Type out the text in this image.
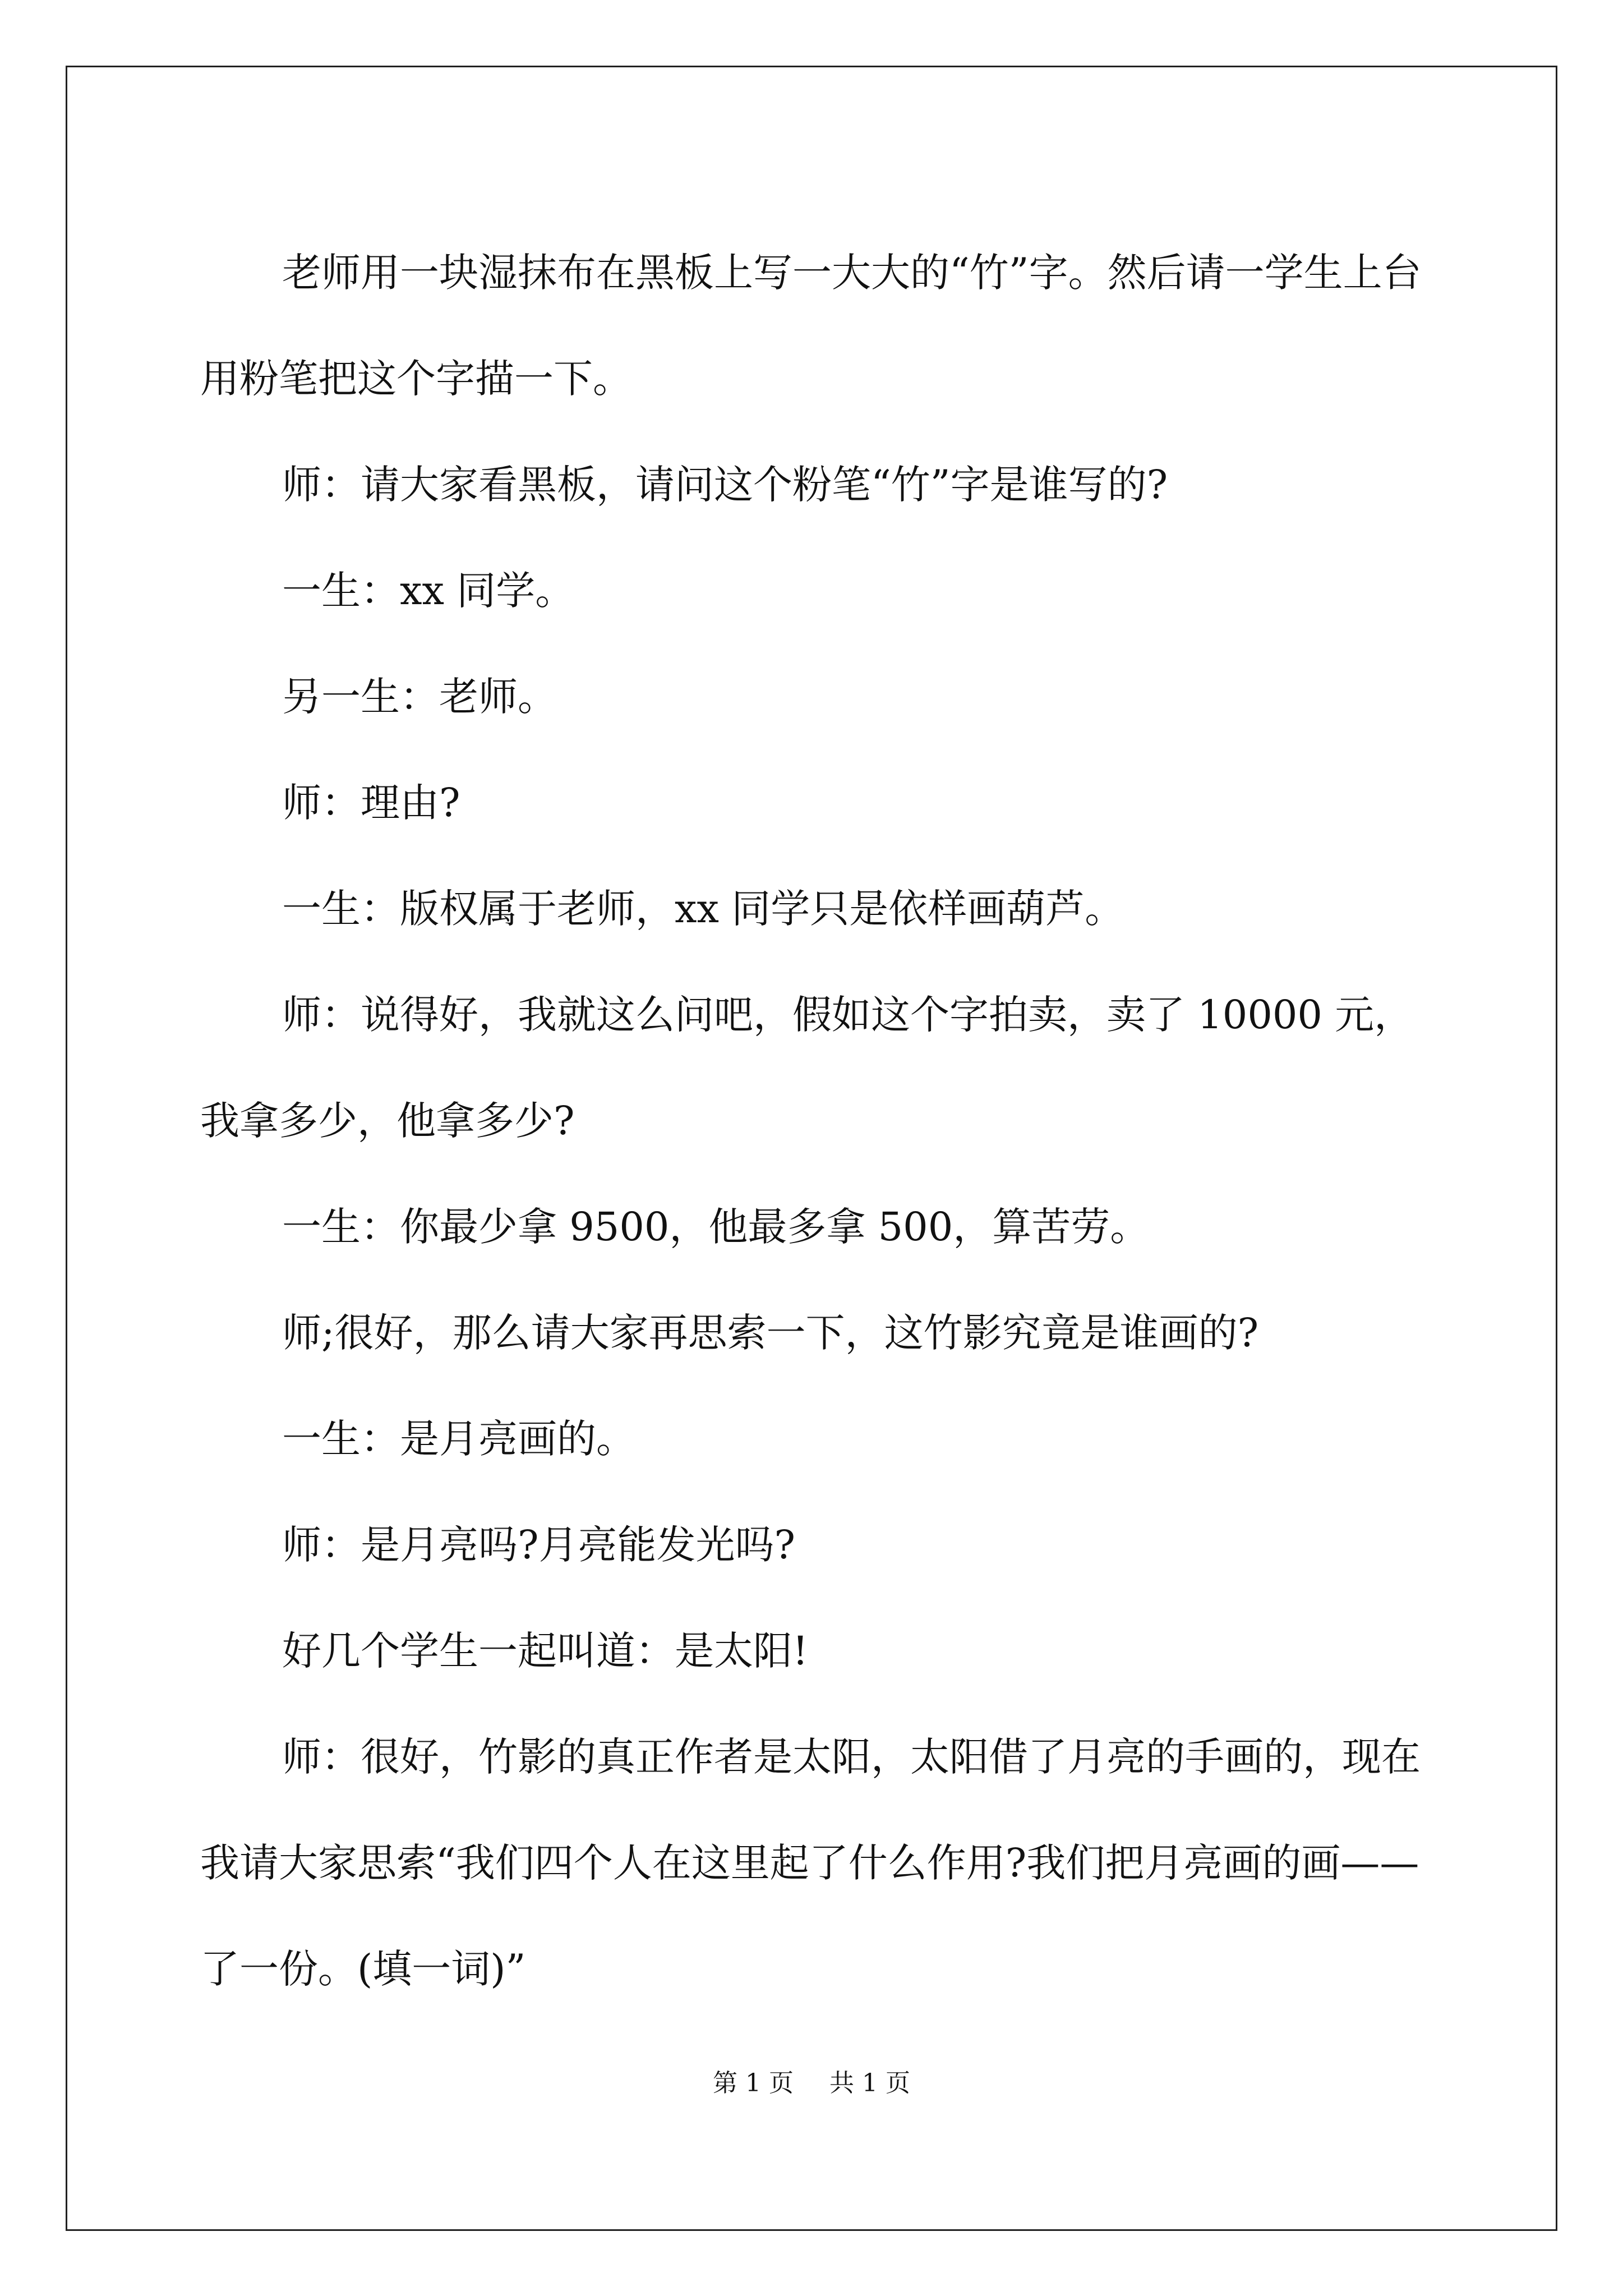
老师用一块湿抹布在黑板上写一大大的“竹”字。然后请一学生上台用粉笔把这个字描一下。

师：请大家看黑板，请问这个粉笔“竹”字是谁写的?

一生：xx 同学。

另一生：老师。

师：理由?

一生：版权属于老师，xx 同学只是依样画葫芦。

师：说得好，我就这么问吧，假如这个字拍卖，卖了 10000 元，我拿多少，他拿多少?

一生：你最少拿 9500，他最多拿 500，算苦劳。

师;很好，那么请大家再思索一下，这竹影究竟是谁画的?

一生：是月亮画的。

师：是月亮吗?月亮能发光吗?

好几个学生一起叫道：是太阳!

师：很好，竹影的真正作者是太阳，太阳借了月亮的手画的，现在我请大家思索“我们四个人在这里起了什么作用?我们把月亮画的画——了一份。(填一词)”

第 1 页 共 1 页
